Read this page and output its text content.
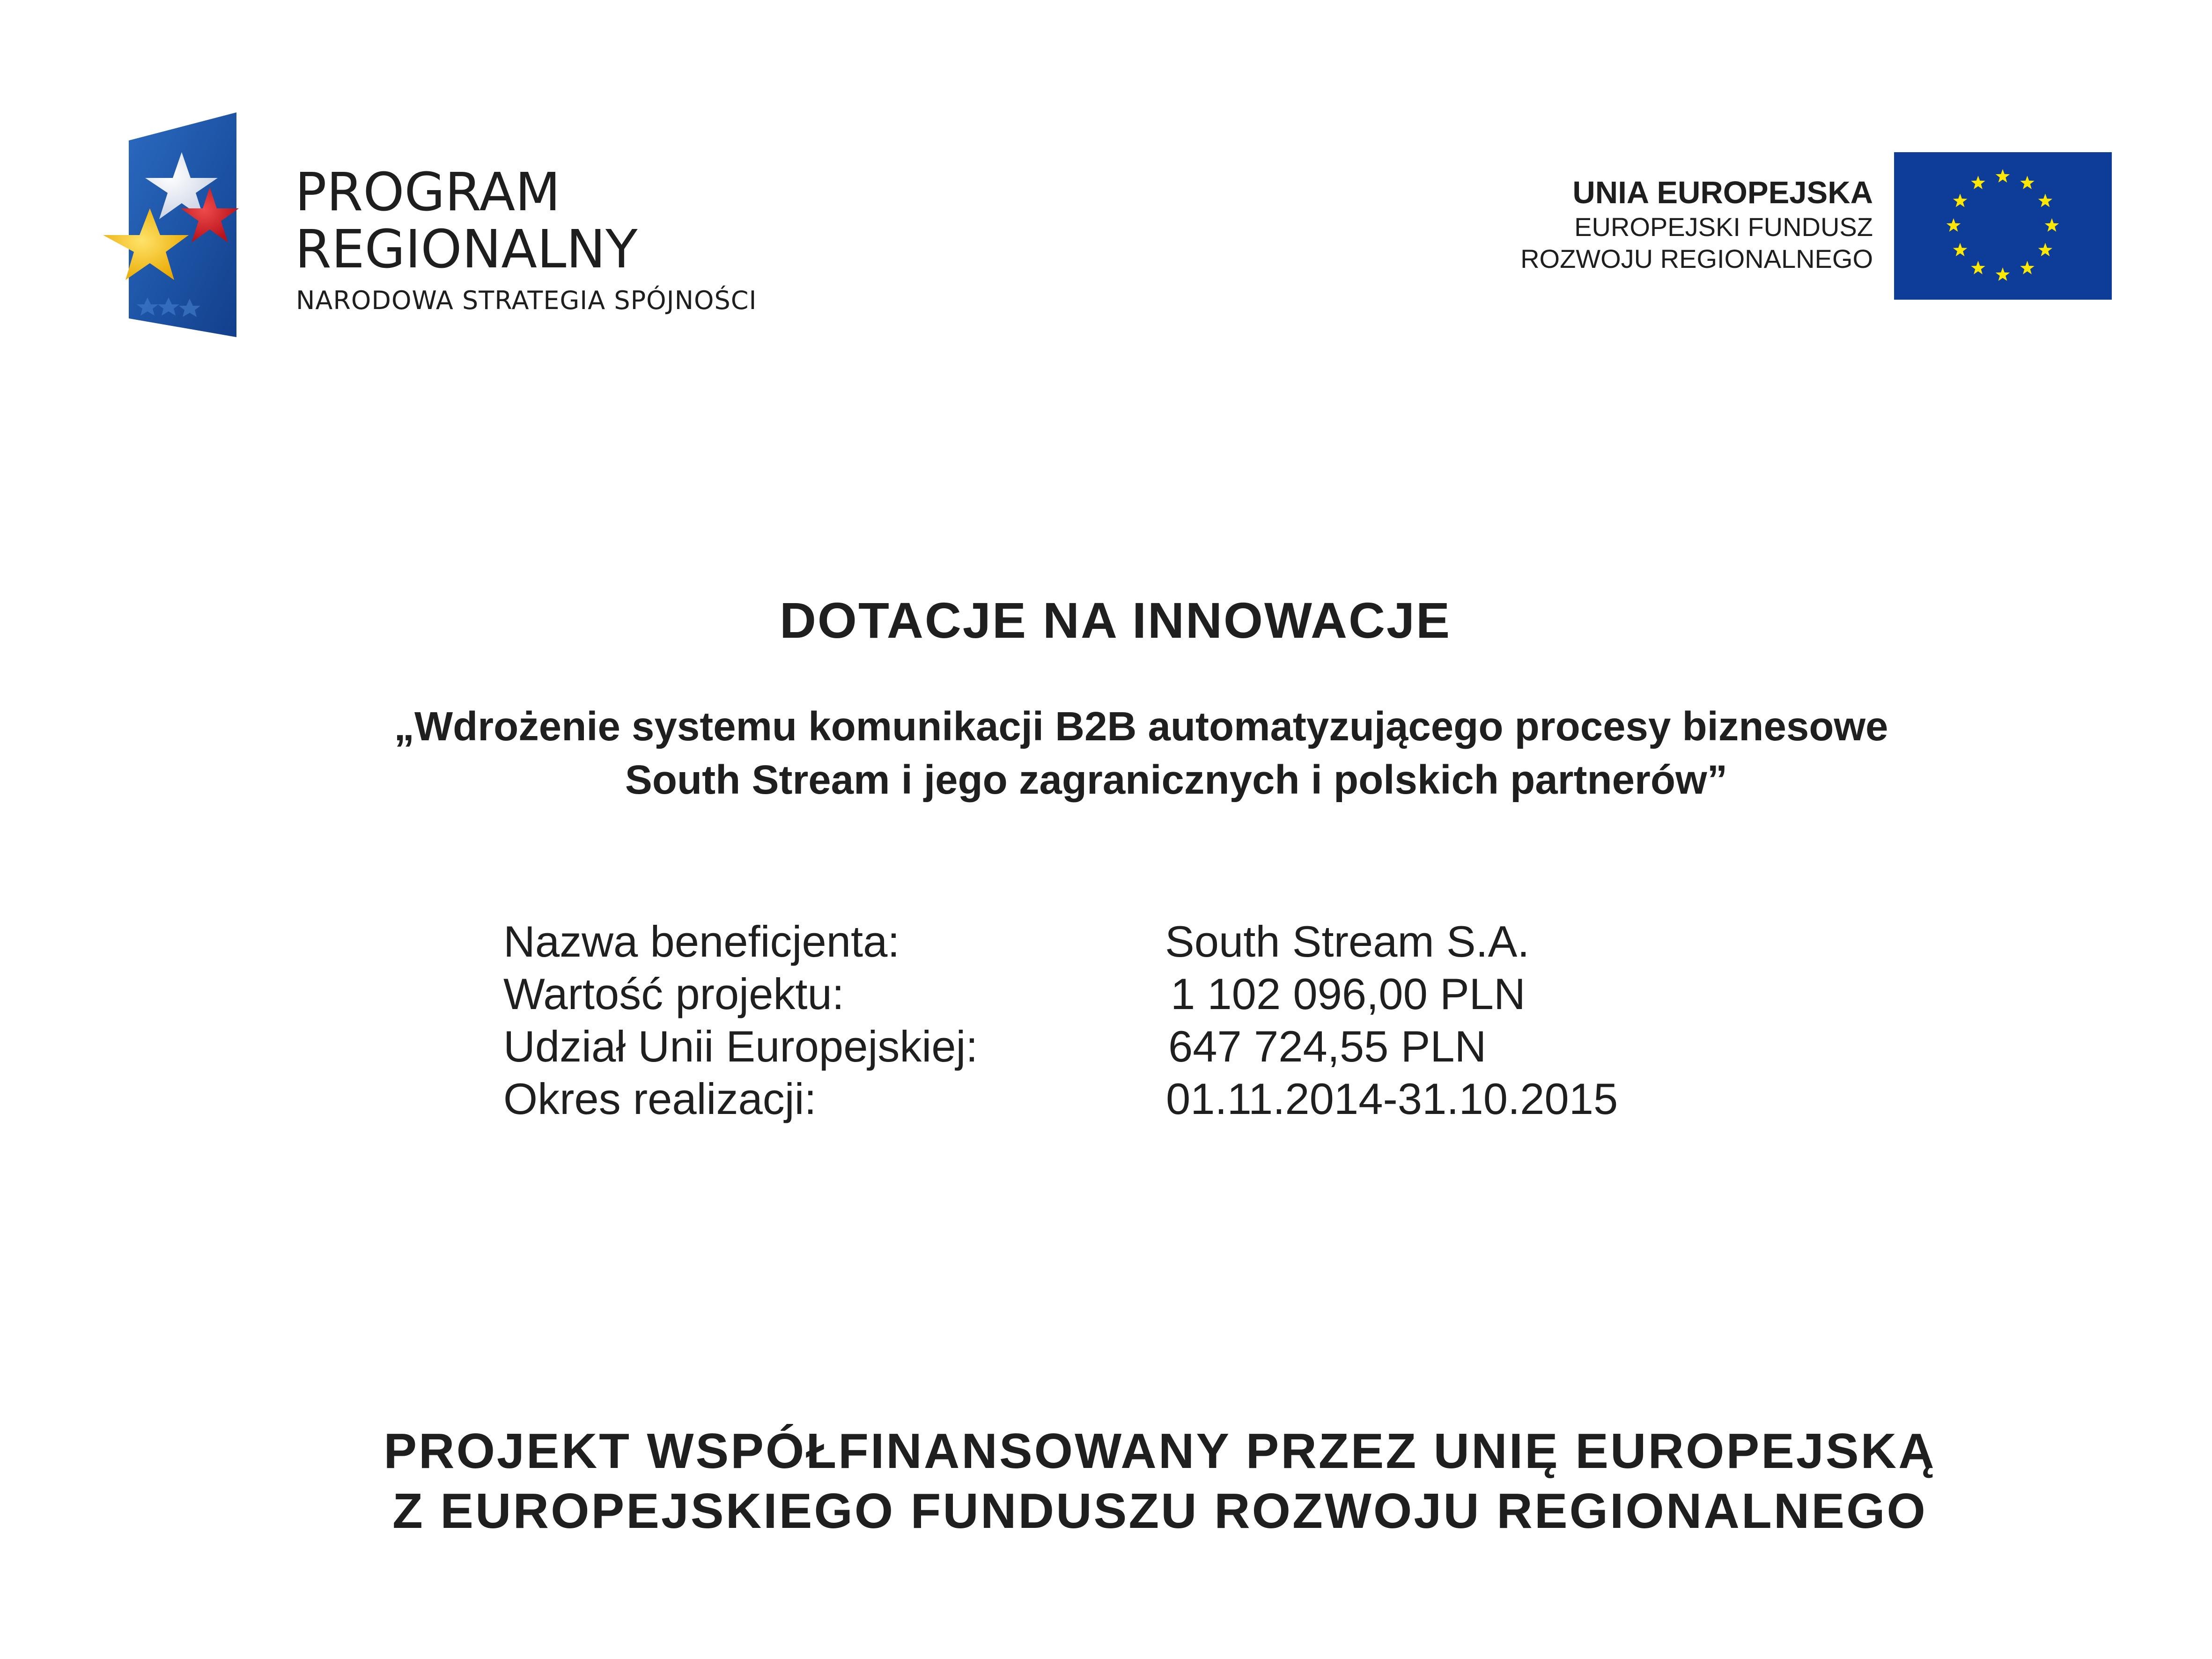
PROGRAM
REGIONALNY
NARODOWA STRATEGIA SPÓJNOŚCI
UNIA EUROPEJSKA
EUROPEJSKI FUNDUSZ
ROZWOJU REGIONALNEGO
DOTACJE NA INNOWACJE
„Wdrożenie systemu komunikacji B2B automatyzującego procesy biznesowe
South Stream i jego zagranicznych i polskich partnerów”
Nazwa beneficjenta:	South Stream S.A.
Wartość projektu:	1 102 096,00 PLN
Udział Unii Europejskiej:	647 724,55 PLN
Okres realizacji:	01.11.2014-31.10.2015
PROJEKT WSPÓŁFINANSOWANY PRZEZ UNIĘ EUROPEJSKĄ
Z EUROPEJSKIEGO FUNDUSZU ROZWOJU REGIONALNEGO
